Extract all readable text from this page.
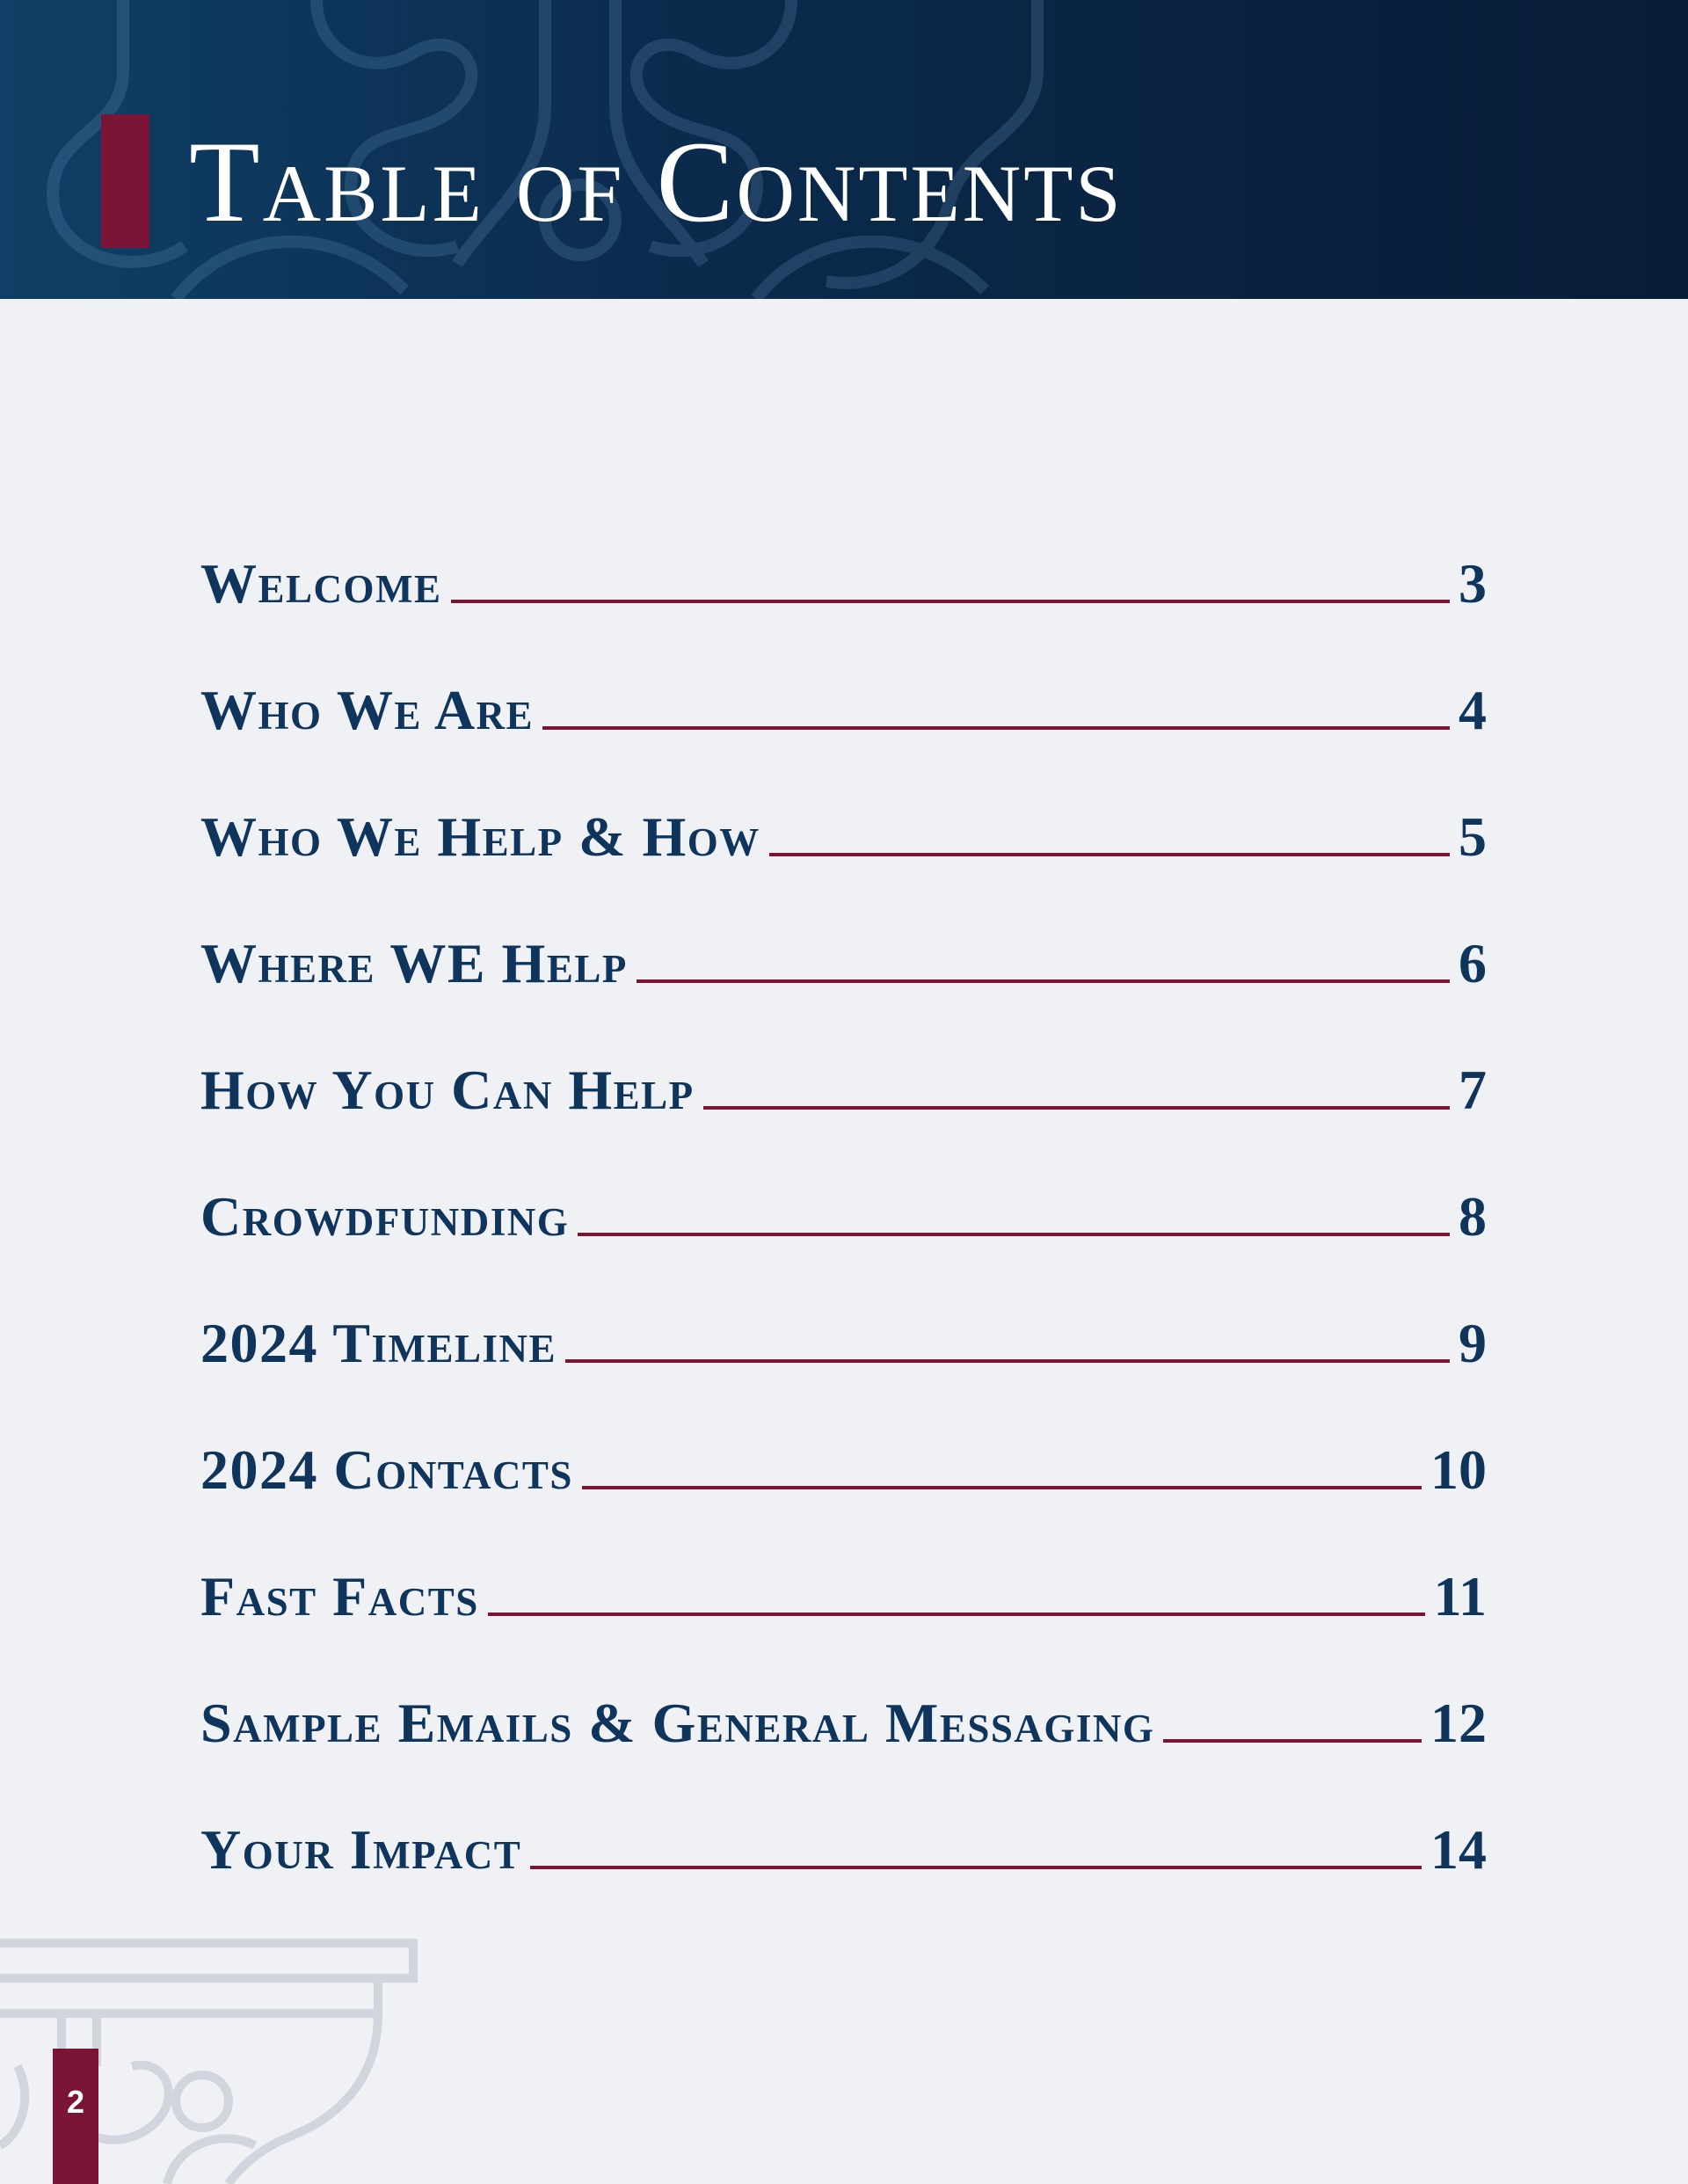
Table of Contents
Welcome	3
Who We Are	4
Who We Help & How	5
Where WE Help	6
How You Can Help	7
Crowdfunding	8
2024 Timeline	9
2024 Contacts	10
Fast Facts	11
Sample Emails & General Messaging	12
Your Impact	14
2
